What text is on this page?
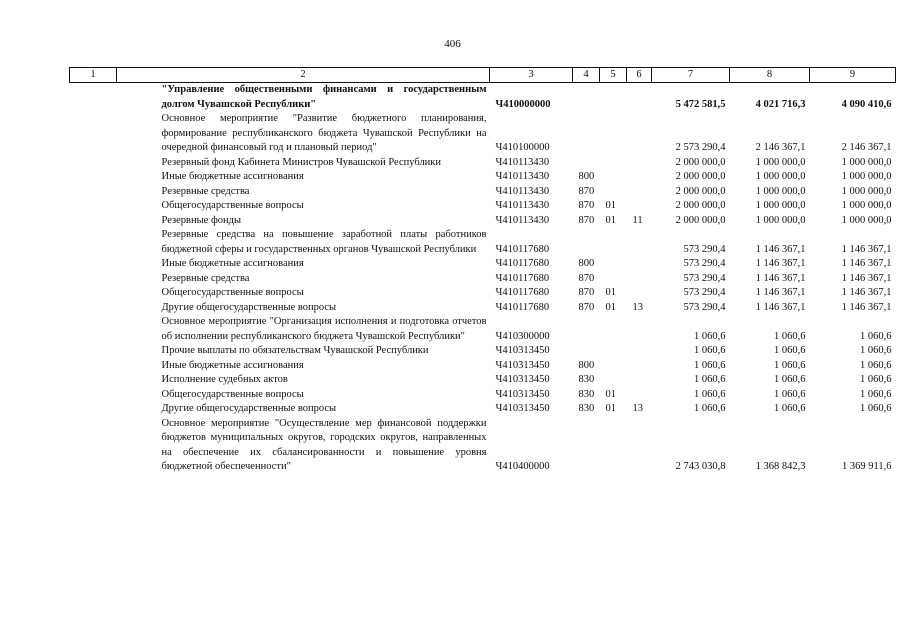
406
1	2	3	4	5	6	7	8	9
	"Управление общественными финансами и государственным долгом Чувашской Республики"	Ч410000000				5 472 581,5	4 021 716,3	4 090 410,6
	Основное мероприятие "Развитие бюджетного планирования, формирование республиканского бюджета Чувашской Республики на очередной финансовый год и плановый период"	Ч410100000				2 573 290,4	2 146 367,1	2 146 367,1
	Резервный фонд Кабинета Министров Чувашской Республики	Ч410113430				2 000 000,0	1 000 000,0	1 000 000,0
	Иные бюджетные ассигнования	Ч410113430	800			2 000 000,0	1 000 000,0	1 000 000,0
	Резервные средства	Ч410113430	870			2 000 000,0	1 000 000,0	1 000 000,0
	Общегосударственные вопросы	Ч410113430	870	01		2 000 000,0	1 000 000,0	1 000 000,0
	Резервные фонды	Ч410113430	870	01	11	2 000 000,0	1 000 000,0	1 000 000,0
	Резервные средства на повышение заработной платы работников бюджетной сферы и государственных органов Чувашской Республики	Ч410117680				573 290,4	1 146 367,1	1 146 367,1
	Иные бюджетные ассигнования	Ч410117680	800			573 290,4	1 146 367,1	1 146 367,1
	Резервные средства	Ч410117680	870			573 290,4	1 146 367,1	1 146 367,1
	Общегосударственные вопросы	Ч410117680	870	01		573 290,4	1 146 367,1	1 146 367,1
	Другие общегосударственные вопросы	Ч410117680	870	01	13	573 290,4	1 146 367,1	1 146 367,1
	Основное мероприятие "Организация исполнения и подготовка отчетов об исполнении республиканского бюджета Чувашской Республики"	Ч410300000				1 060,6	1 060,6	1 060,6
	Прочие выплаты по обязательствам Чувашской Республики	Ч410313450				1 060,6	1 060,6	1 060,6
	Иные бюджетные ассигнования	Ч410313450	800			1 060,6	1 060,6	1 060,6
	Исполнение судебных актов	Ч410313450	830			1 060,6	1 060,6	1 060,6
	Общегосударственные вопросы	Ч410313450	830	01		1 060,6	1 060,6	1 060,6
	Другие общегосударственные вопросы	Ч410313450	830	01	13	1 060,6	1 060,6	1 060,6
	Основное мероприятие "Осуществление мер финансовой поддержки бюджетов муниципальных округов, городских округов, направленных на обеспечение их сбалансированности и повышение уровня бюджетной обеспеченности"	Ч410400000				2 743 030,8	1 368 842,3	1 369 911,6
